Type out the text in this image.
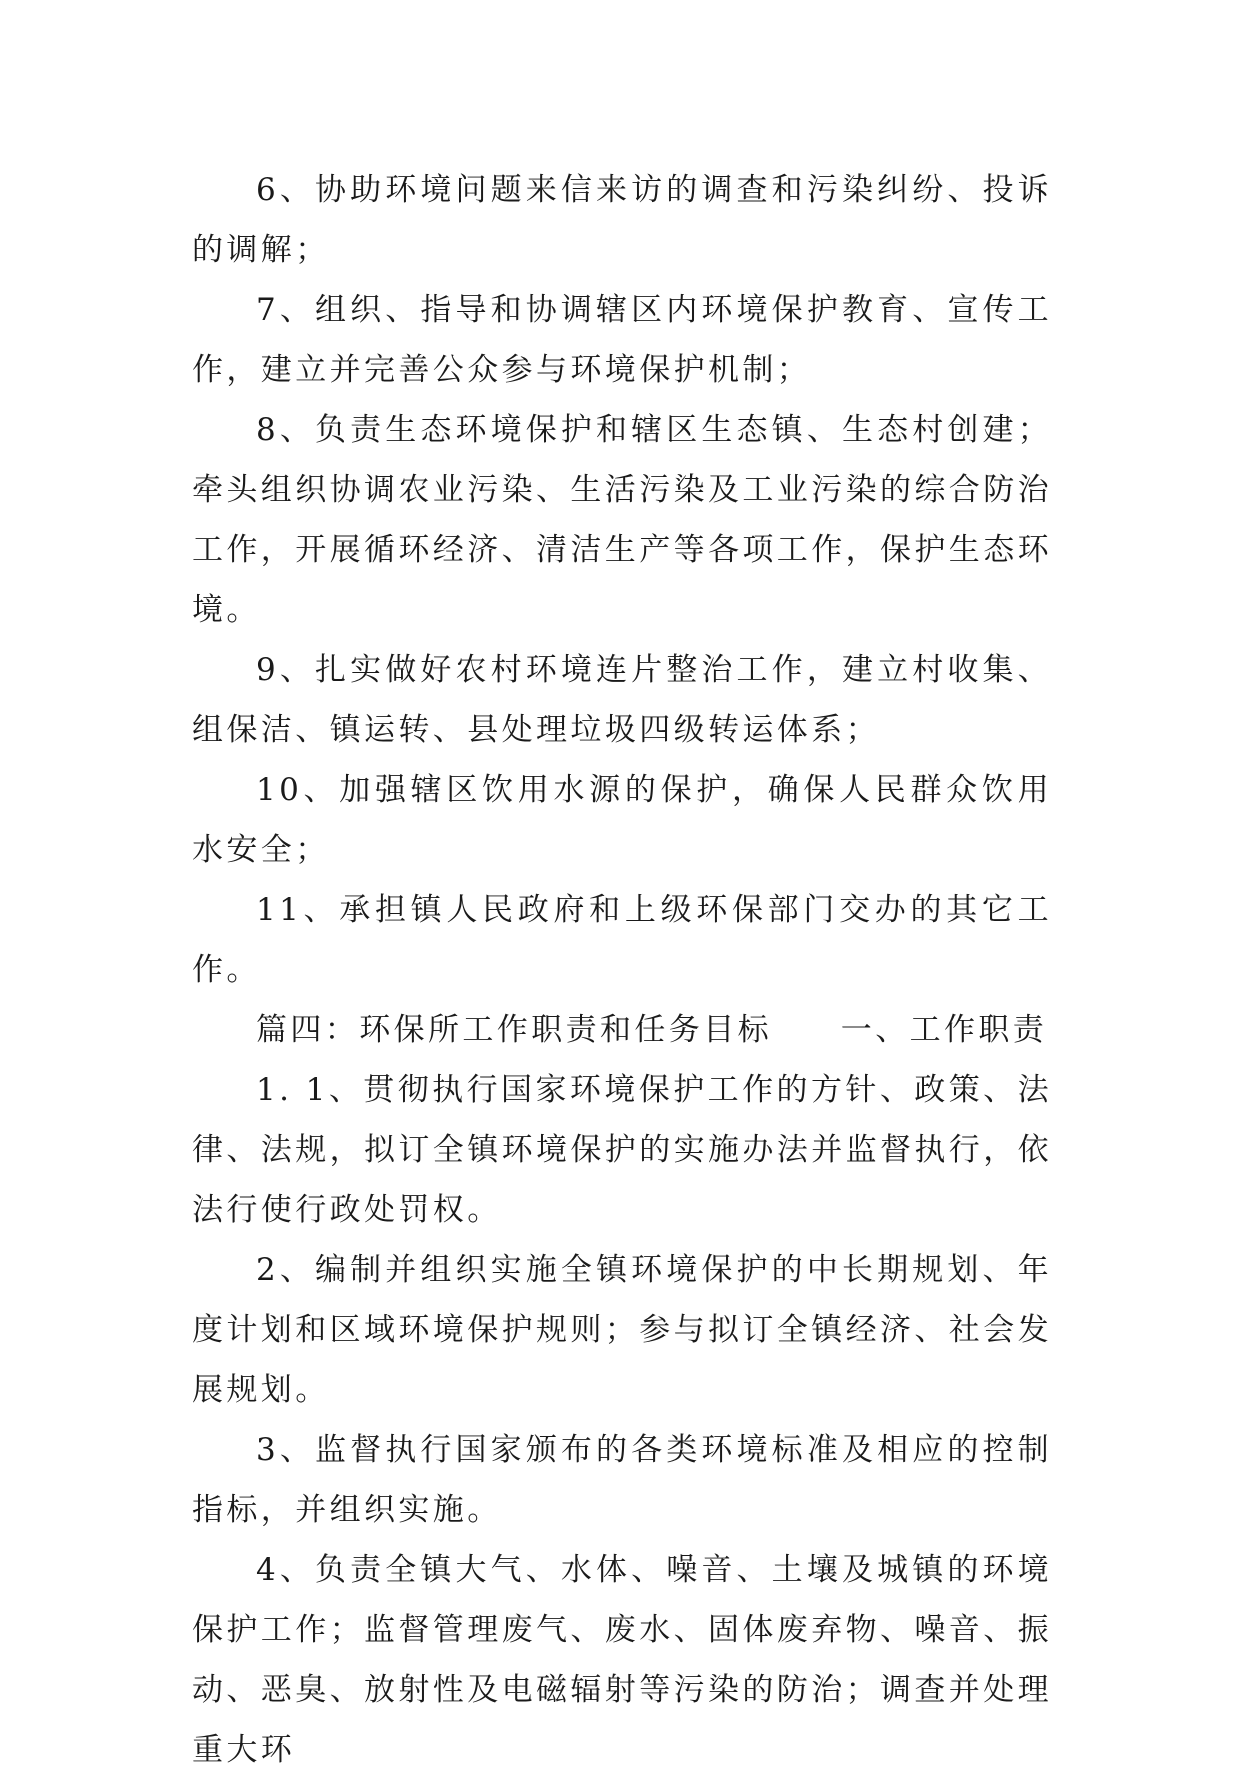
6、协助环境问题来信来访的调查和污染纠纷、投诉的调解；

7、组织、指导和协调辖区内环境保护教育、宣传工作，建立并完善公众参与环境保护机制；

8、负责生态环境保护和辖区生态镇、生态村创建；牵头组织协调农业污染、生活污染及工业污染的综合防治工作，开展循环经济、清洁生产等各项工作，保护生态环境。

9、扎实做好农村环境连片整治工作，建立村收集、组保洁、镇运转、县处理垃圾四级转运体系；

10、加强辖区饮用水源的保护，确保人民群众饮用水安全；

11、承担镇人民政府和上级环保部门交办的其它工作。

篇四：环保所工作职责和任务目标　　一、工作职责

1. 1、贯彻执行国家环境保护工作的方针、政策、法律、法规，拟订全镇环境保护的实施办法并监督执行，依法行使行政处罚权。

2、编制并组织实施全镇环境保护的中长期规划、年度计划和区域环境保护规则；参与拟订全镇经济、社会发展规划。

3、监督执行国家颁布的各类环境标准及相应的控制指标，并组织实施。

4、负责全镇大气、水体、噪音、土壤及城镇的环境保护工作；监督管理废气、废水、固体废弃物、噪音、振动、恶臭、放射性及电磁辐射等污染的防治；调查并处理重大环
